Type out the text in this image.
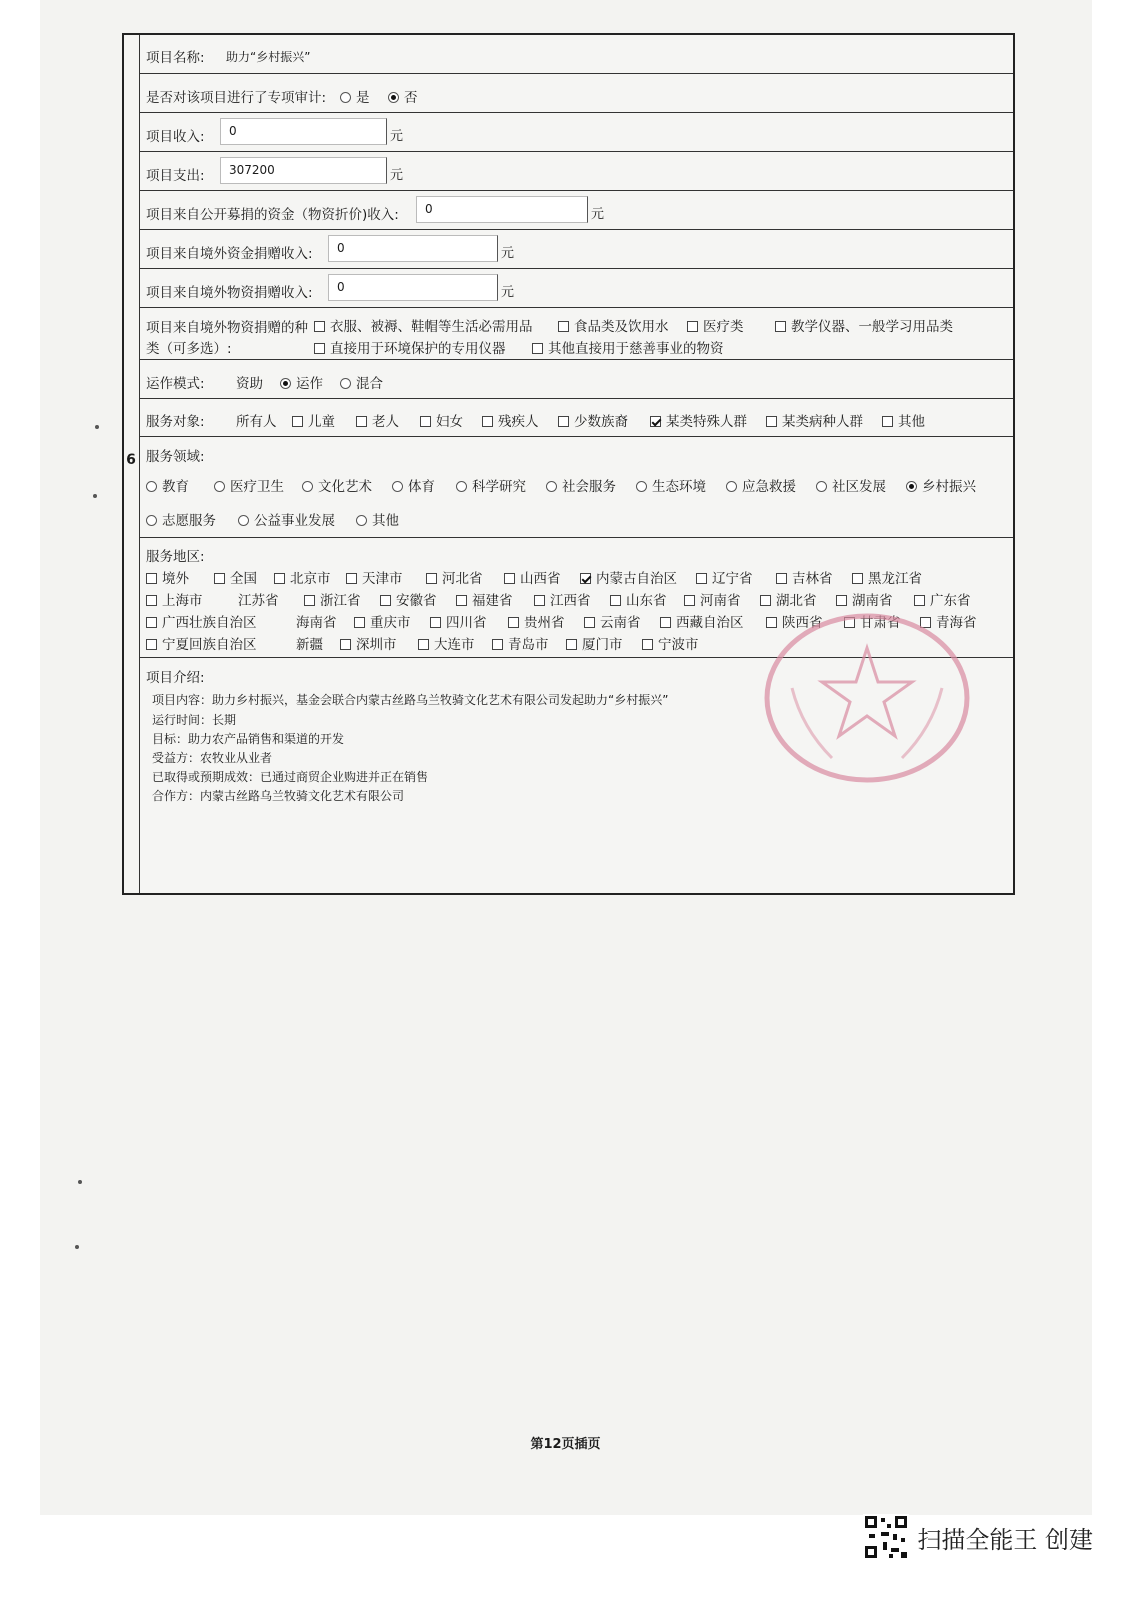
6
项目名称: 助力“乡村振兴”
是否对该项目进行了专项审计:	是	否
项目收入:	0	元
项目支出:	307200	元
项目来自公开募捐的资金（物资折价)收入:	0	元
项目来自境外资金捐赠收入:	0	元
项目来自境外物资捐赠收入:	0	元
项目来自境外物资捐赠的种
类（可多选）:
衣服、被褥、鞋帽等生活必需用品	食品类及饮用水	医疗类	教学仪器、一般学习用品类
直接用于环境保护的专用仪器	其他直接用于慈善事业的物资
运作模式: 资助	运作	混合
服务对象: 所有人	儿童	老人	妇女	残疾人	少数族裔	某类特殊人群	某类病种人群	其他
服务领域:
教育	医疗卫生	文化艺术	体育	科学研究	社会服务	生态环境	应急救援	社区发展	乡村振兴
志愿服务	公益事业发展	其他
服务地区:
境外	全国	北京市	天津市	河北省	山西省	内蒙古自治区	辽宁省	吉林省	黑龙江省
上海市	江苏省	浙江省	安徽省	福建省	江西省	山东省	河南省	湖北省	湖南省	广东省
广西壮族自治区	海南省	重庆市	四川省	贵州省	云南省	西藏自治区	陕西省	甘肃省	青海省
宁夏回族自治区	新疆	深圳市	大连市	青岛市	厦门市	宁波市
项目介绍:
项目内容：助力乡村振兴，基金会联合内蒙古丝路乌兰牧骑文化艺术有限公司发起助力“乡村振兴”
运行时间：长期
目标：助力农产品销售和渠道的开发
受益方：农牧业从业者
已取得或预期成效：已通过商贸企业购进并正在销售
合作方：内蒙古丝路乌兰牧骑文化艺术有限公司
第12页插页
扫描全能王 创建
